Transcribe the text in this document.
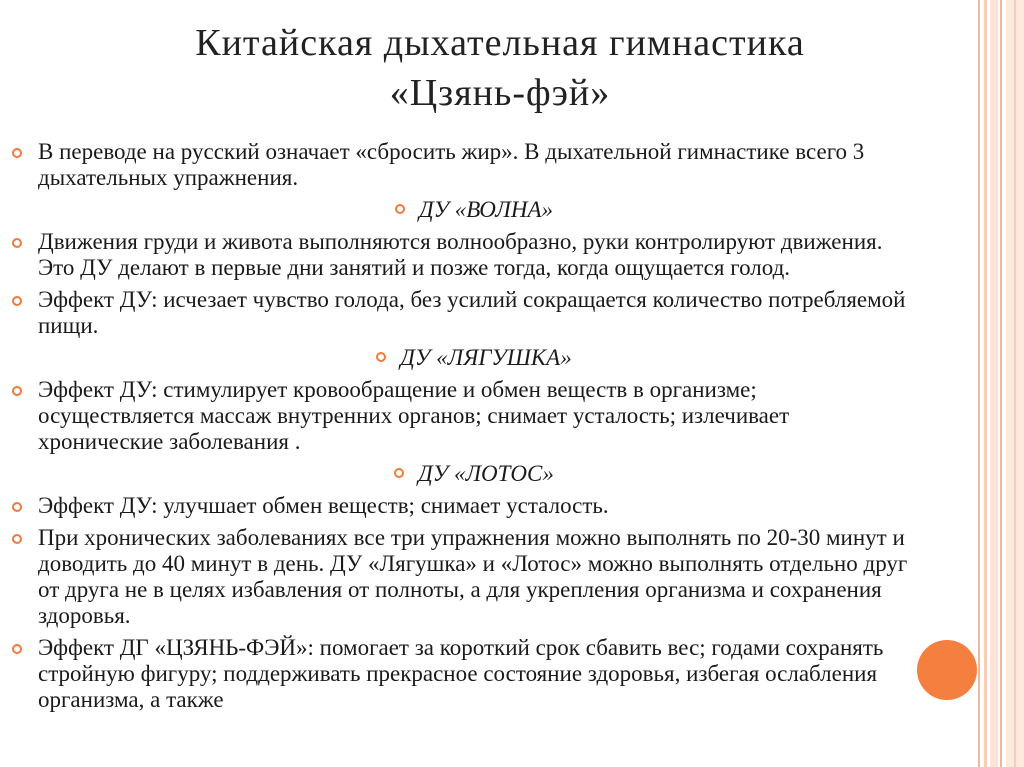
Китайская дыхательная гимнастика
«Цзянь-фэй»
В переводе на русский означает «сбросить жир». В дыхательной гимнастике всего 3 дыхательных упражнения.
ДУ «ВОЛНА»
Движения груди и живота выполняются волнообразно, руки контролируют движения. Это ДУ делают в первые дни занятий и позже тогда, когда ощущается голод.
Эффект ДУ: исчезает чувство голода, без усилий сокращается количество потребляемой пищи.
ДУ «ЛЯГУШКА»
Эффект ДУ: стимулирует кровообращение и обмен веществ в организме; осуществляется массаж внутренних органов; снимает усталость; излечивает хронические заболевания .
ДУ «ЛОТОС»
Эффект ДУ: улучшает обмен веществ; снимает усталость.
При хронических заболеваниях все три упражнения можно выполнять по 20-30 минут и доводить до 40 минут в день. ДУ «Лягушка» и «Лотос» можно выполнять отдельно друг от друга не в целях избавления от полноты, а для укрепления организма и сохранения здоровья.
Эффект ДГ «ЦЗЯНЬ-ФЭЙ»: помогает за короткий срок сбавить вес; годами сохранять стройную фигуру; поддерживать прекрасное состояние здоровья, избегая ослабления организма, а также
